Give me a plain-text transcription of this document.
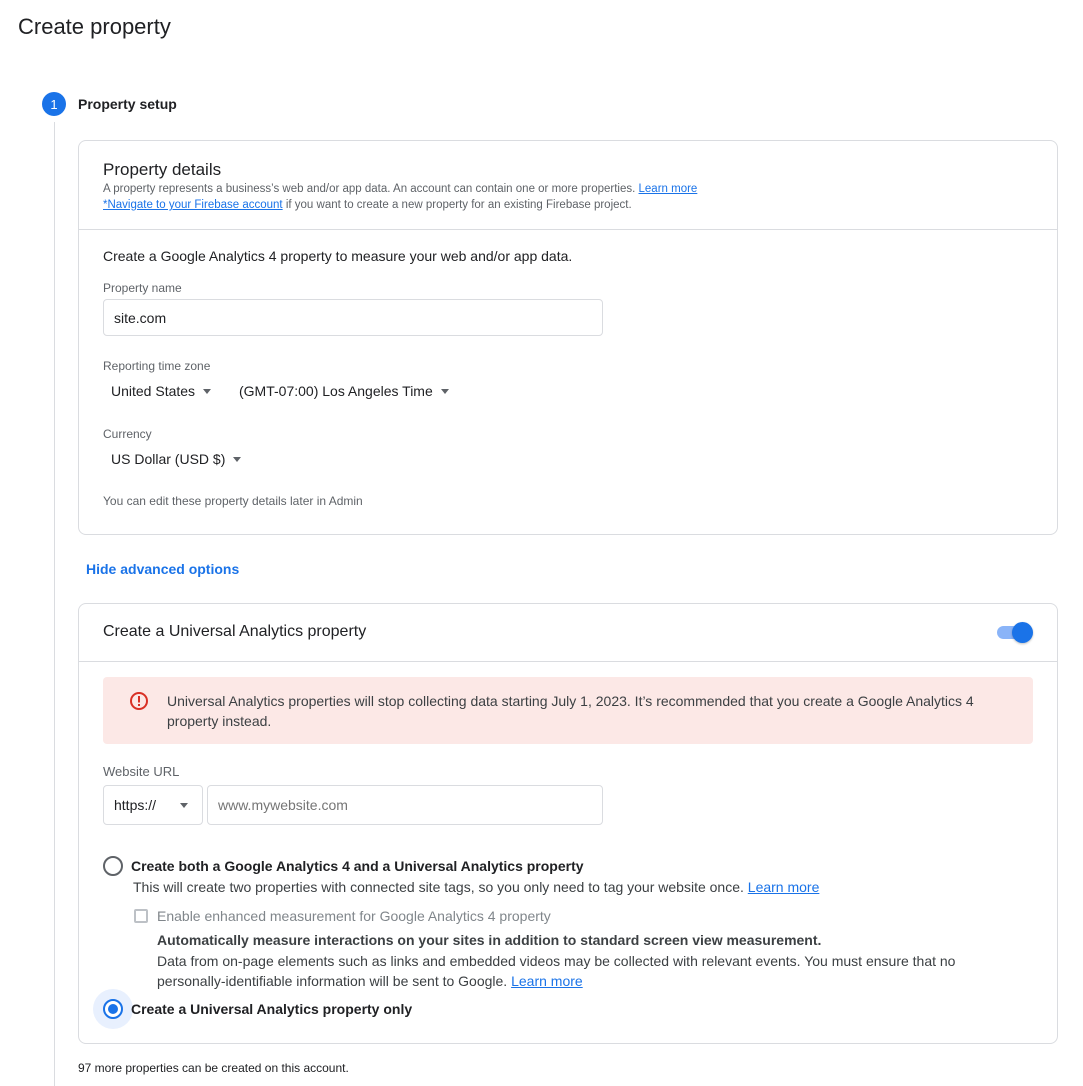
Create property
1	Property setup
Property details
A property represents a business’s web and/or app data. An account can contain one or more properties. Learn more
*Navigate to your Firebase account if you want to create a new property for an existing Firebase project.
Create a Google Analytics 4 property to measure your web and/or app data.
Property name
site.com
Reporting time zone
United States	(GMT-07:00) Los Angeles Time
Currency
US Dollar (USD $)
You can edit these property details later in Admin
Hide advanced options
Create a Universal Analytics property
Universal Analytics properties will stop collecting data starting July 1, 2023. It’s recommended that you create a Google Analytics 4 property instead.
Website URL
https://
www.mywebsite.com
Create both a Google Analytics 4 and a Universal Analytics property
This will create two properties with connected site tags, so you only need to tag your website once. Learn more
Enable enhanced measurement for Google Analytics 4 property
Automatically measure interactions on your sites in addition to standard screen view measurement.
Data from on-page elements such as links and embedded videos may be collected with relevant events. You must ensure that no personally-identifiable information will be sent to Google. Learn more
Create a Universal Analytics property only
97 more properties can be created on this account.
